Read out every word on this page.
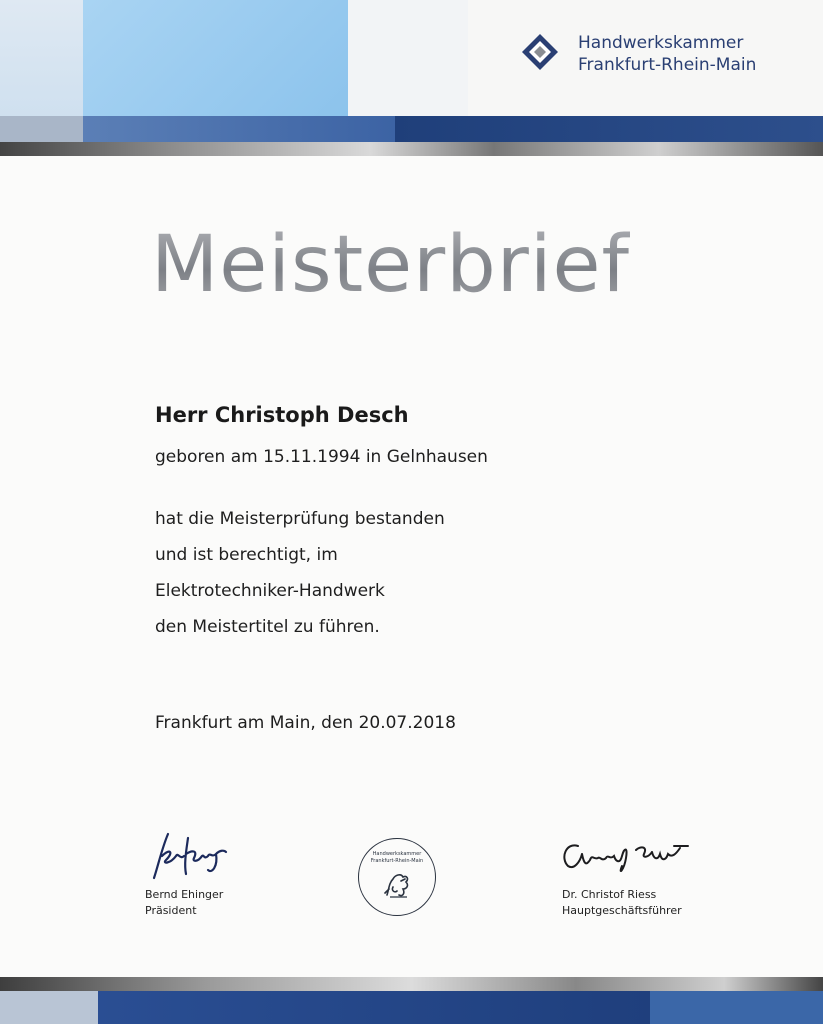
Handwerkskammer
Frankfurt-Rhein-Main
Meisterbrief
Herr Christoph Desch
geboren am 15.11.1994 in Gelnhausen
hat die Meisterprüfung bestanden
und ist berechtigt, im
Elektrotechniker-Handwerk
den Meistertitel zu führen.
Frankfurt am Main, den 20.07.2018
Bernd Ehinger
Präsident
Handwerkskammer
Frankfurt-Rhein-Main
Dr. Christof Riess
Hauptgeschäftsführer
